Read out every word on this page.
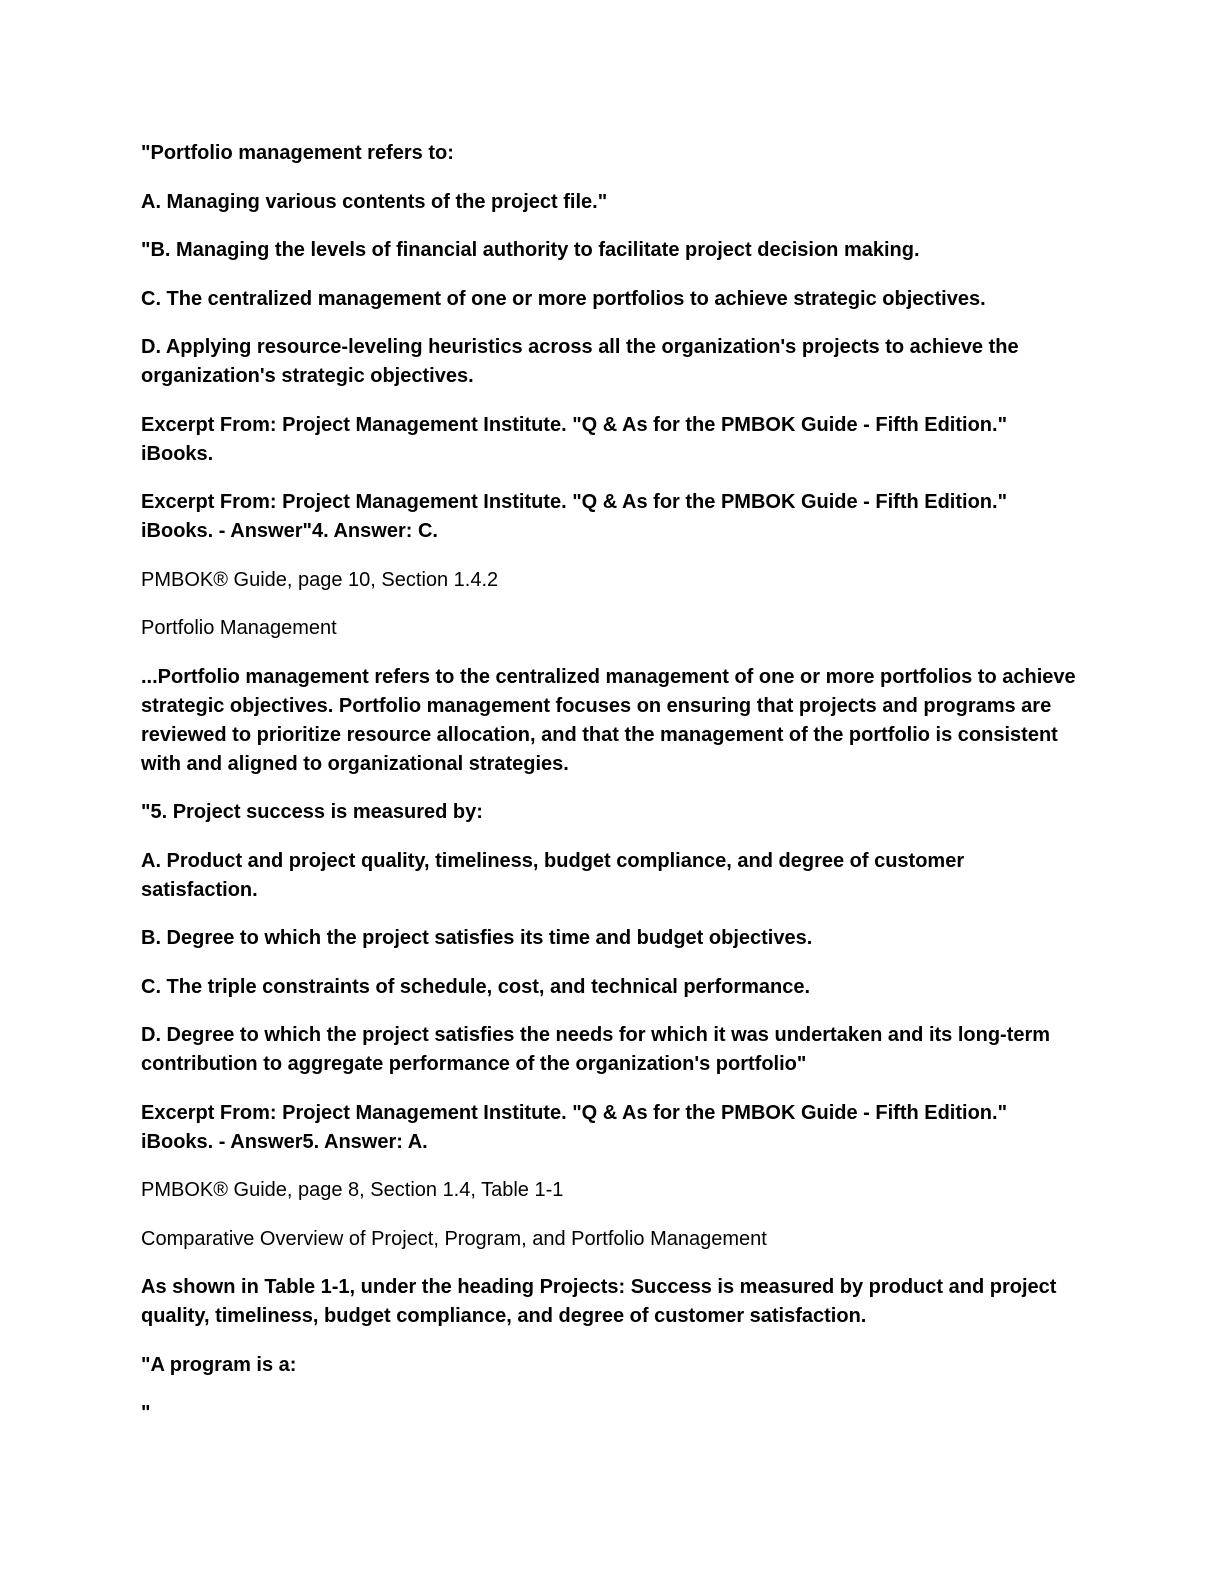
"Portfolio management refers to:

A. Managing various contents of the project file."

"B. Managing the levels of financial authority to facilitate project decision making.

C. The centralized management of one or more portfolios to achieve strategic objectives.

D. Applying resource-leveling heuristics across all the organization's projects to achieve the organization's strategic objectives.

Excerpt From: Project Management Institute. "Q & As for the PMBOK Guide - Fifth Edition." iBooks.

Excerpt From: Project Management Institute. "Q & As for the PMBOK Guide - Fifth Edition." iBooks. - Answer"4. Answer: C.

PMBOK® Guide, page 10, Section 1.4.2

Portfolio Management

...Portfolio management refers to the centralized management of one or more portfolios to achieve strategic objectives. Portfolio management focuses on ensuring that projects and programs are reviewed to prioritize resource allocation, and that the management of the portfolio is consistent with and aligned to organizational strategies.

"5. Project success is measured by:

A. Product and project quality, timeliness, budget compliance, and degree of customer satisfaction.

B. Degree to which the project satisfies its time and budget objectives.

C. The triple constraints of schedule, cost, and technical performance.

D. Degree to which the project satisfies the needs for which it was undertaken and its long-term contribution to aggregate performance of the organization's portfolio"

Excerpt From: Project Management Institute. "Q & As for the PMBOK Guide - Fifth Edition." iBooks. - Answer5. Answer: A.

PMBOK® Guide, page 8, Section 1.4, Table 1-1

Comparative Overview of Project, Program, and Portfolio Management

As shown in Table 1-1, under the heading Projects: Success is measured by product and project quality, timeliness, budget compliance, and degree of customer satisfaction.

"A program is a:

"
